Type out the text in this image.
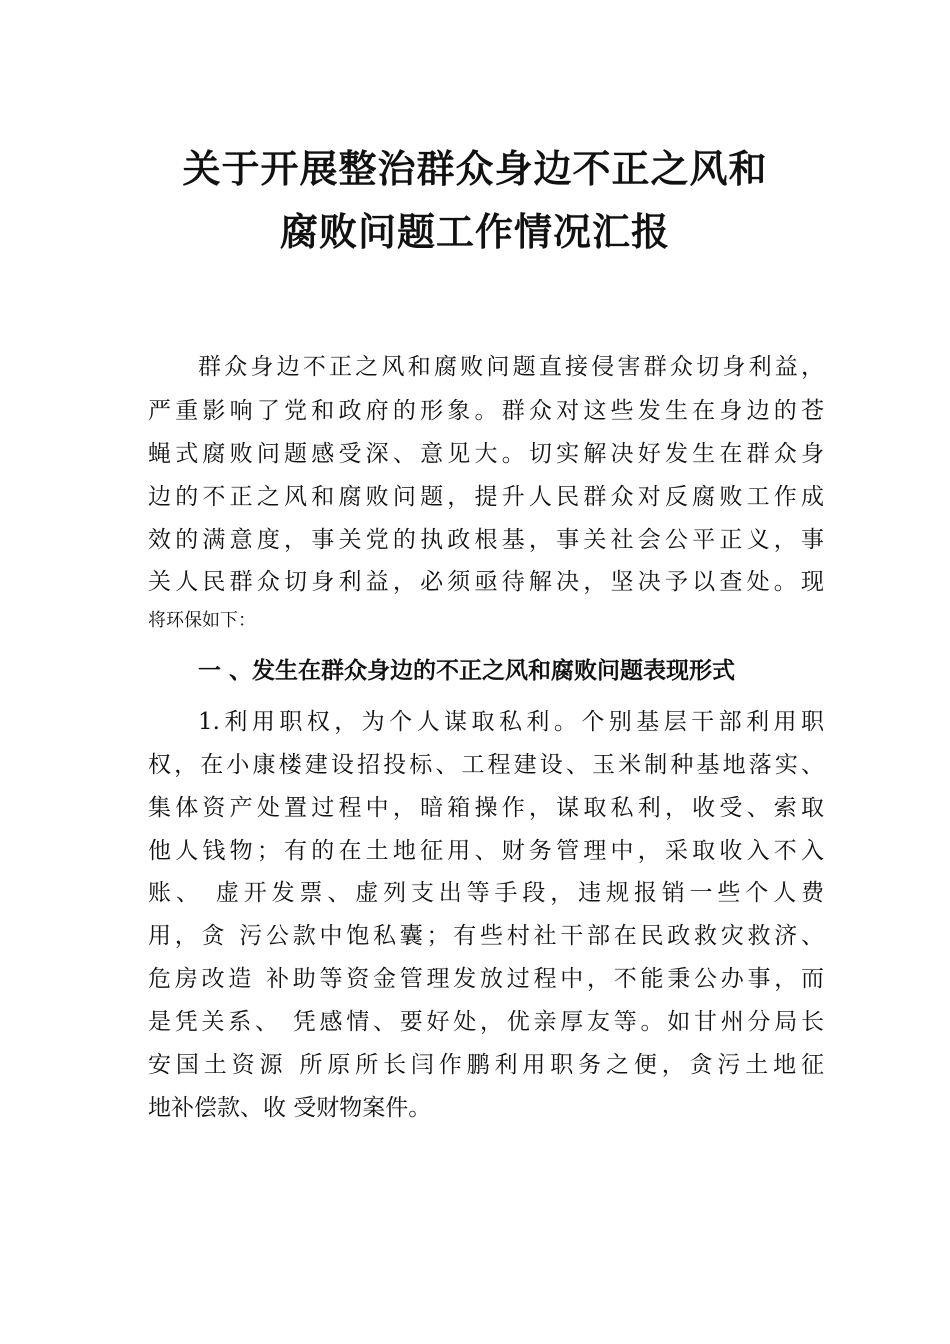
关于开展整治群众身边不正之风和
腐败问题工作情况汇报
群众身边不正之风和腐败问题直接侵害群众切身利益，
严重影响了党和政府的形象。群众对这些发生在身边的苍
蝇式腐败问题感受深、意见大。切实解决好发生在群众身
边的不正之风和腐败问题，提升人民群众对反腐败工作成
效的满意度，事关党的执政根基，事关社会公平正义，事
关人民群众切身利益，必须亟待解决，坚决予以查处。现
将环保如下：
一 、发生在群众身边的不正之风和腐败问题表现形式
1.利用职权，为个人谋取私利。个别基层干部利用职
权，在小康楼建设招投标、工程建设、玉米制种基地落实、
集体资产处置过程中，暗箱操作，谋取私利，收受、索取
他人钱物；有的在土地征用、财务管理中，采取收入不入
账、 虚开发票、虚列支出等手段，违规报销一些个人费
用，贪 污公款中饱私囊；有些村社干部在民政救灾救济、
危房改造 补助等资金管理发放过程中，不能秉公办事，而
是凭关系、 凭感情、要好处，优亲厚友等。如甘州分局长
安国土资源 所原所长闫作鹏利用职务之便，贪污土地征
地补偿款、收 受财物案件。
